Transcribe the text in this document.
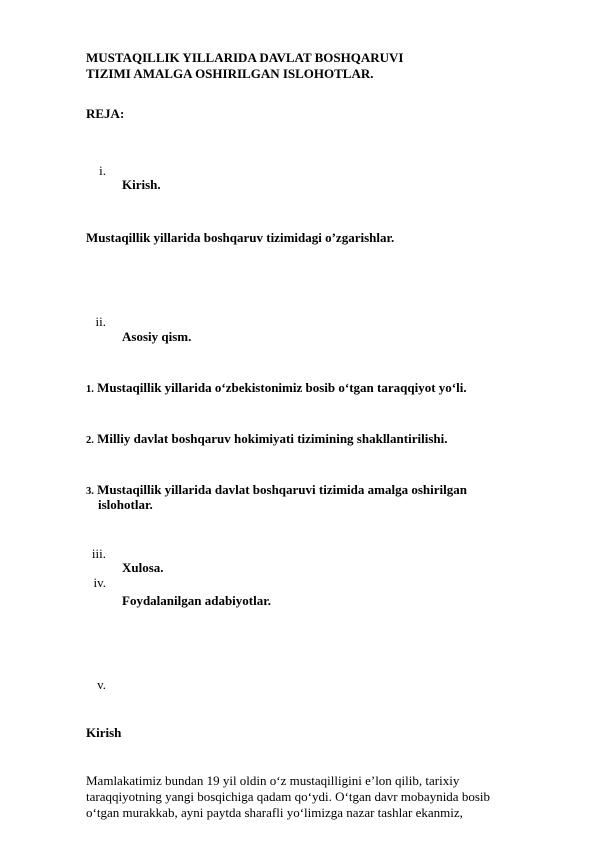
MUSTAQILLIK YILLARIDA DAVLAT BOSHQARUVI
TIZIMI AMALGA OSHIRILGAN ISLOHOTLAR.
REJA:
i.
Kirish.
Mustaqillik yillarida boshqaruv tizimidagi o’zgarishlar.
ii.
Asosiy qism.
1. Mustaqillik yillarida o‘zbekistonimiz bosib o‘tgan taraqqiyot yo‘li.
2. Milliy davlat boshqaruv hokimiyati tizimining shakllantirilishi.
3. Mustaqillik yillarida davlat boshqaruvi tizimida amalga oshirilgan
islohotlar.
iii.
Xulosa.
iv.
Foydalanilgan adabiyotlar.
v.
Kirish
Mamlakatimiz bundan 19 yil oldin o‘z mustaqilligini e’lon qilib, tarixiy
taraqqiyotning yangi bosqichiga qadam qo‘ydi. O‘tgan davr mobaynida bosib
o‘tgan murakkab, ayni paytda sharafli yo‘limizga nazar tashlar ekanmiz,
